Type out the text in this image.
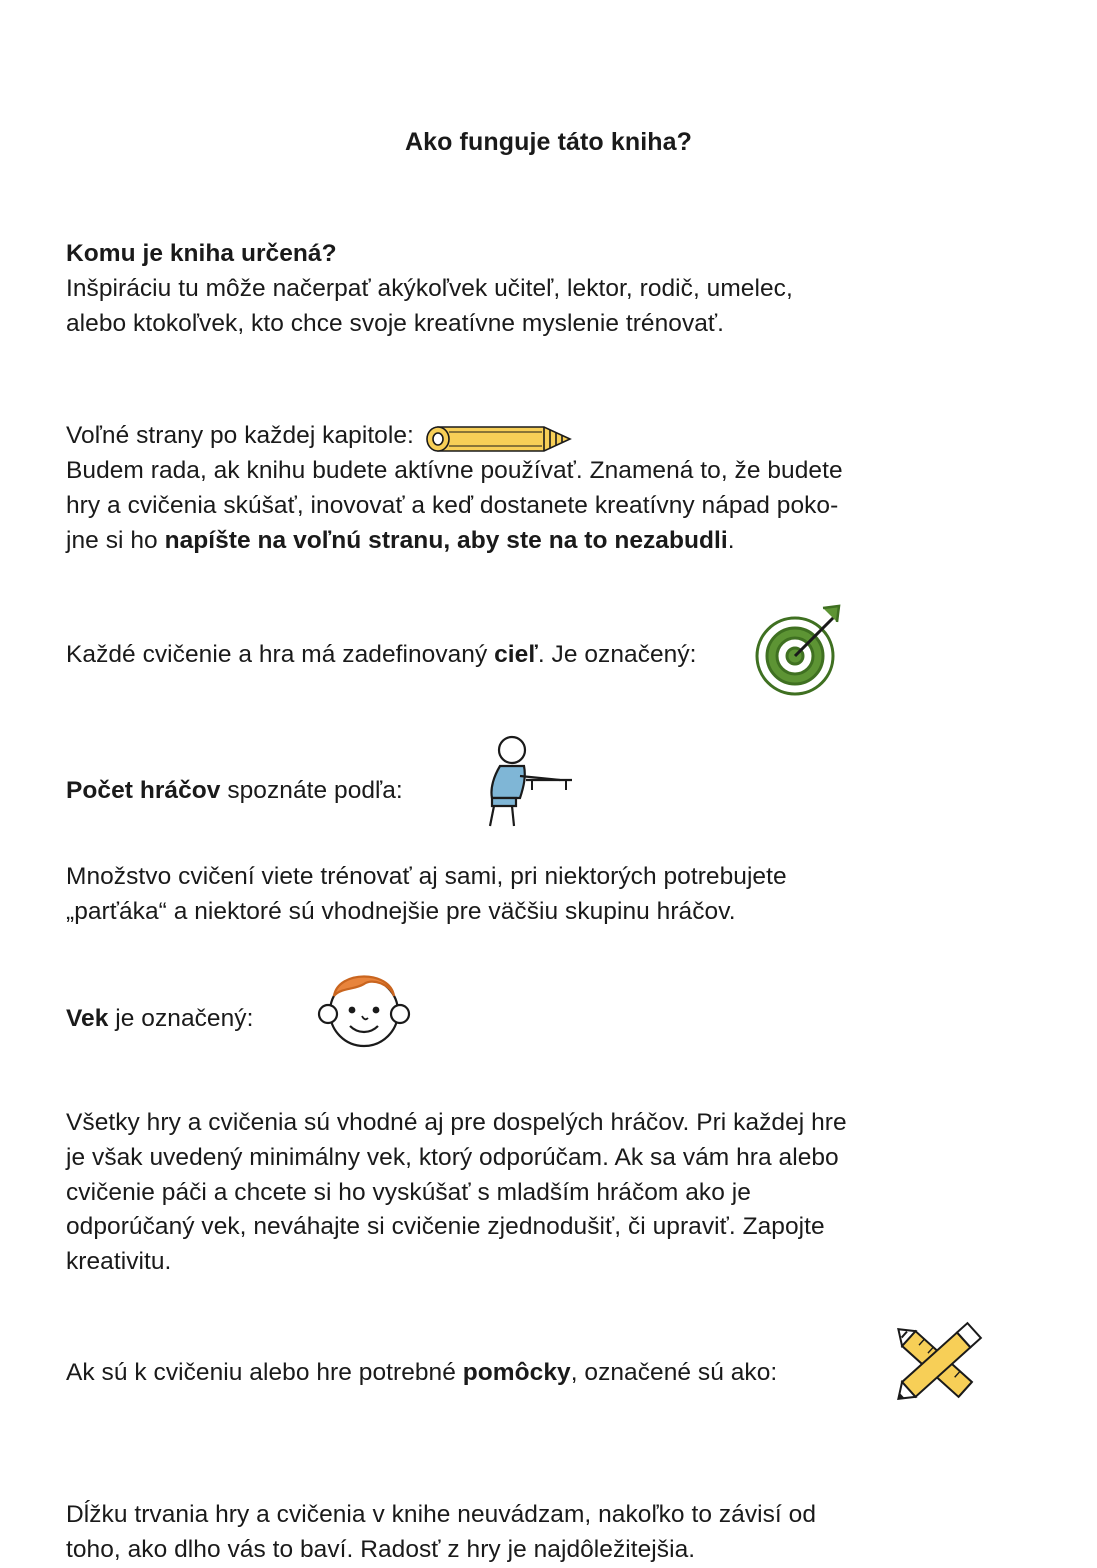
Ako funguje táto kniha?
Komu je kniha určená?
Inšpiráciu tu môže načerpať akýkoľvek učiteľ, lektor, rodič, umelec,
alebo ktokoľvek, kto chce svoje kreatívne myslenie trénovať.
Voľné strany po každej kapitole:
Budem rada, ak knihu budete aktívne používať. Znamená to, že budete
hry a cvičenia skúšať, inovovať a keď dostanete kreatívny nápad poko-
jne si ho napíšte na voľnú stranu, aby ste na to nezabudli.
Každé cvičenie a hra má zadefinovaný cieľ. Je označený:
Počet hráčov spoznáte podľa:
Množstvo cvičení viete trénovať aj sami, pri niektorých potrebujete
„parťáka“ a niektoré sú vhodnejšie pre väčšiu skupinu hráčov.
Vek je označený:
Všetky hry a cvičenia sú vhodné aj pre dospelých hráčov. Pri každej hre
je však uvedený minimálny vek, ktorý odporúčam. Ak sa vám hra alebo
cvičenie páči a chcete si ho vyskúšať s mladším hráčom ako je
odporúčaný vek, neváhajte si cvičenie zjednodušiť, či upraviť. Zapojte
kreativitu.
Ak sú k cvičeniu alebo hre potrebné pomôcky, označené sú ako:
Dĺžku trvania hry a cvičenia v knihe neuvádzam, nakoľko to závisí od
toho, ako dlho vás to baví. Radosť z hry je najdôležitejšia.
